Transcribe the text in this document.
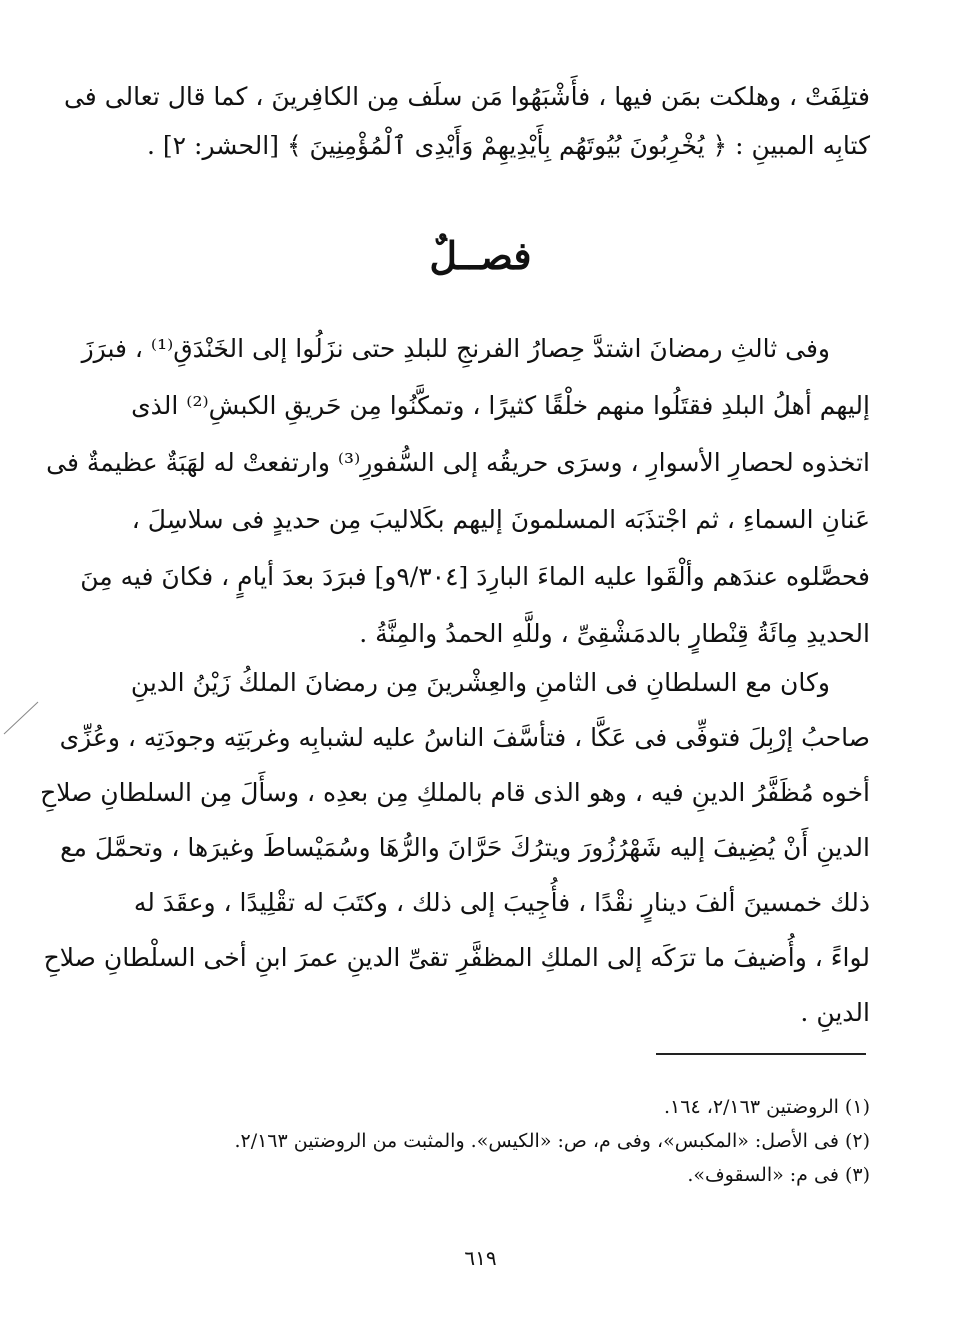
فتلِفَتْ ، وهلكت بمَن فيها ، فأَشْبَهُوا مَن سلَف مِن الكافِرينَ ، كما قال تعالى فى
كتابِه المبينِ : ﴿ يُخْرِبُونَ بُيُوتَهُم بِأَيْدِيهِمْ وَأَيْدِى ٱلْمُؤْمِنِينَ ﴾ [الحشر: ٢] .
فصــلٌ
وفى ثالثِ رمضانَ اشتدَّ حِصارُ الفرنجِ للبلدِ حتى نزَلُوا إلى الخَنْدَقِ⁽¹⁾ ، فبرَزَ
إليهم أهلُ البلدِ فقتَلُوا منهم خلْقًا كثيرًا ، وتمكَّنُوا مِن حَريقِ الكبشِ⁽²⁾ الذى
اتخذوه لحصارِ الأسوارِ ، وسرَى حريقُه إلى السُّفورِ⁽³⁾ وارتفعتْ له لهَبَةٌ عظيمةٌ فى
عَنانِ السماءِ ، ثم اجْتذَبَه المسلمونَ إليهم بكَلاليبَ مِن حديدٍ فى سلاسِلَ ،
فحصَّلوه عندَهم وألْقَوا عليه الماءَ البارِدَ [٩/٣٠٤و] فبرَدَ بعدَ أيامٍ ، فكانَ فيه مِنَ
الحديدِ مِائَةُ قِنْطارٍ بالدمَشْقِىِّ ، وللَّهِ الحمدُ والمِنَّةُ .
وكان مع السلطانِ فى الثامنِ والعِشْرينَ مِن رمضانَ الملكُ زَيْنُ الدينِ
صاحبُ إرْبِلَ فتوفِّى فى عَكَّا ، فتأسَّفَ الناسُ عليه لشبابِه وغربَتِه وجودَتِه ، وعُزِّى
أخوه مُظَفَّرُ الدينِ فيه ، وهو الذى قام بالملكِ مِن بعدِه ، وسأَلَ مِن السلطانِ صلاحِ
الدينِ أَنْ يُضِيفَ إليه شَهْرُزُورَ ويترُكَ حَرَّانَ والرُّهَا وسُمَيْساطَ وغيرَها ، وتحمَّلَ مع
ذلك خمسينَ ألفَ دينارٍ نقْدًا ، فأُجِيبَ إلى ذلك ، وكتَبَ له تقْلِيدًا ، وعقَدَ له
لواءً ، وأُضيفَ ما ترَكَه إلى الملكِ المظفَّرِ تقىِّ الدينِ عمرَ ابنِ أخى السلْطانِ صلاحِ
الدينِ .
(١) الروضتين ٢/١٦٣، ١٦٤.
(٢) فى الأصل: «المكبس»، وفى م، ص: «الكيس». والمثبت من الروضتين ٢/١٦٣.
(٣) فى م: «السقوف».
٦١٩
